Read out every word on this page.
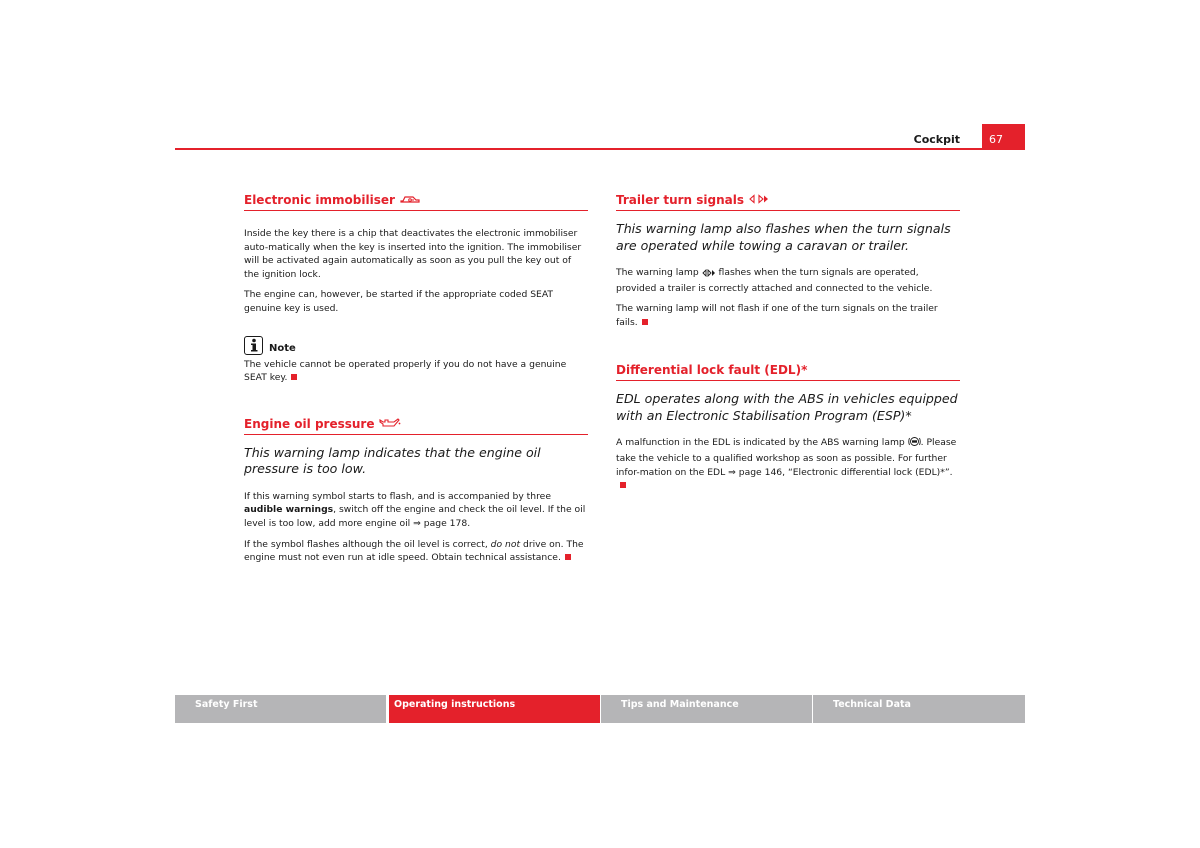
Cockpit	67
Electronic immobiliser

Inside the key there is a chip that deactivates the electronic immobiliser auto-matically when the key is inserted into the ignition. The immobiliser will be activated again automatically as soon as you pull the key out of the ignition lock.

The engine can, however, be started if the appropriate coded SEAT genuine key is used.

Note

The vehicle cannot be operated properly if you do not have a genuine SEAT key.

Engine oil pressure
This warning lamp indicates that the engine oil pressure is too low.

If this warning symbol starts to flash, and is accompanied by three audible warnings, switch off the engine and check the oil level. If the oil level is too low, add more engine oil ⇒ page 178.

If the symbol flashes although the oil level is correct, do not drive on. The engine must not even run at idle speed. Obtain technical assistance.

Trailer turn signals
This warning lamp also flashes when the turn signals are operated while towing a caravan or trailer.

The warning lamp  flashes when the turn signals are operated, provided a trailer is correctly attached and connected to the vehicle.

The warning lamp will not flash if one of the turn signals on the trailer fails.

Differential lock fault (EDL)*
EDL operates along with the ABS in vehicles equipped with an Electronic Stabilisation Program (ESP)*

A malfunction in the EDL is indicated by the ABS warning lamp . Please take the vehicle to a qualified workshop as soon as possible. For further infor-mation on the EDL ⇒ page 146, “Electronic differential lock (EDL)*”.

Safety First	Operating instructions	Tips and Maintenance	Technical Data
